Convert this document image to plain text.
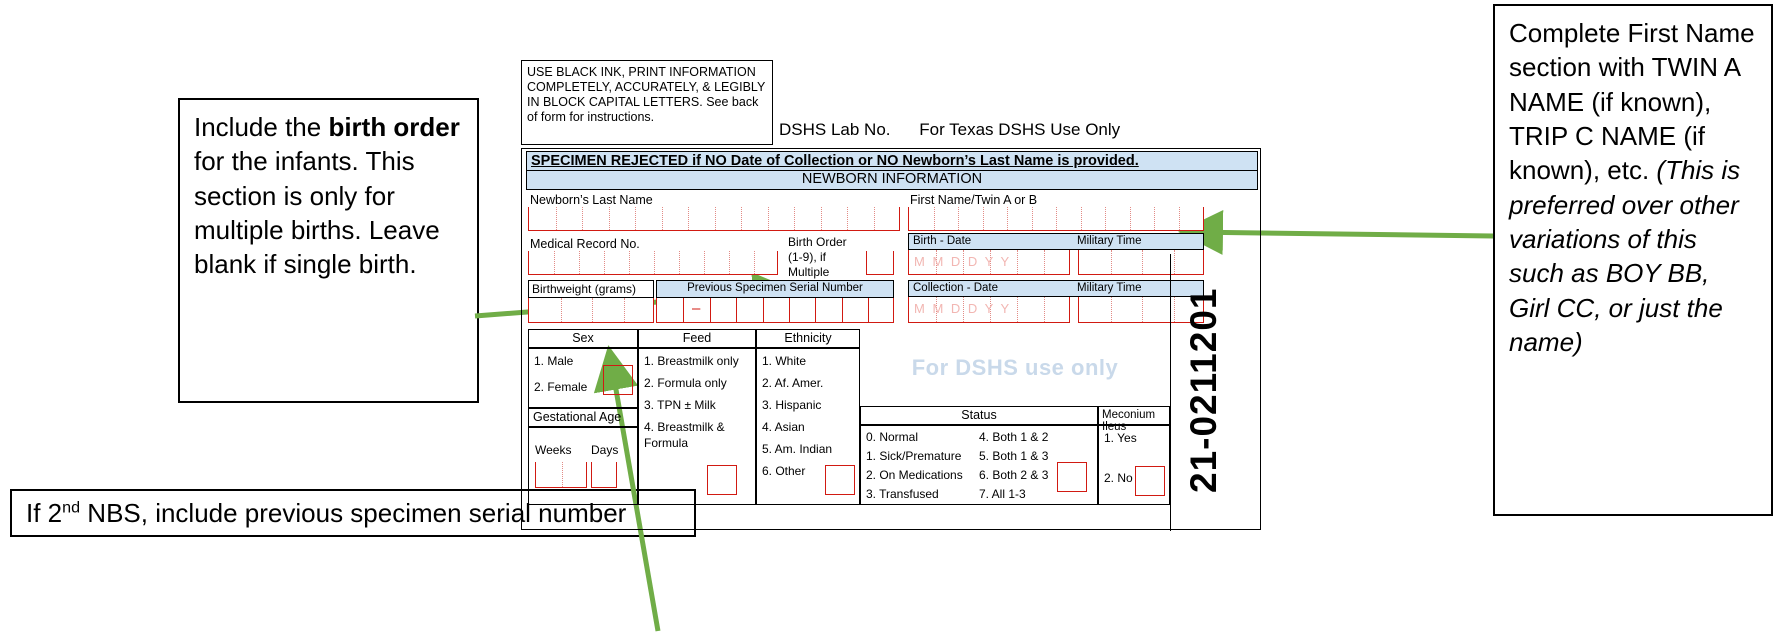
Include the birth order for the infants. This section is only for multiple births. Leave blank if single birth.
If 2nd NBS, include previous specimen serial number
Complete First Name section with TWIN A NAME (if known), TRIP C NAME (if known), etc. (This is preferred over other variations of this such as BOY BB, Girl CC, or just the name)
USE BLACK INK, PRINT INFORMATION COMPLETELY, ACCURATELY, & LEGIBLY IN BLOCK CAPITAL LETTERS. See back of form for instructions.
DSHS Lab No. For Texas DSHS Use Only
SPECIMEN REJECTED if NO Date of Collection or NO Newborn’s Last Name is provided.
NEWBORN INFORMATION
Newborn’s Last Name	First Name/Twin A or B
Medical Record No.	Birth Order (1-9), if Multiple
Birth - Date	Military Time
M M D D Y Y
Birthweight (grams)	Previous Specimen Serial Number
–
Collection - Date	Military Time
M M D D Y Y
Sex
1. Male
2. Female
Gestational Age
Weeks Days
Feed
1. Breastmilk only
2. Formula only
3. TPN ± Milk
4. Breastmilk & Formula
Ethnicity
1. White
2. Af. Amer.
3. Hispanic
4. Asian
5. Am. Indian
6. Other
For DSHS use only
Status
0. Normal
1. Sick/Premature
2. On Medications
3. Transfused
4. Both 1 & 2
5. Both 1 & 3
6. Both 2 & 3
7. All 1-3
Meconium Ileus
1. Yes
2. No 21-0211201
